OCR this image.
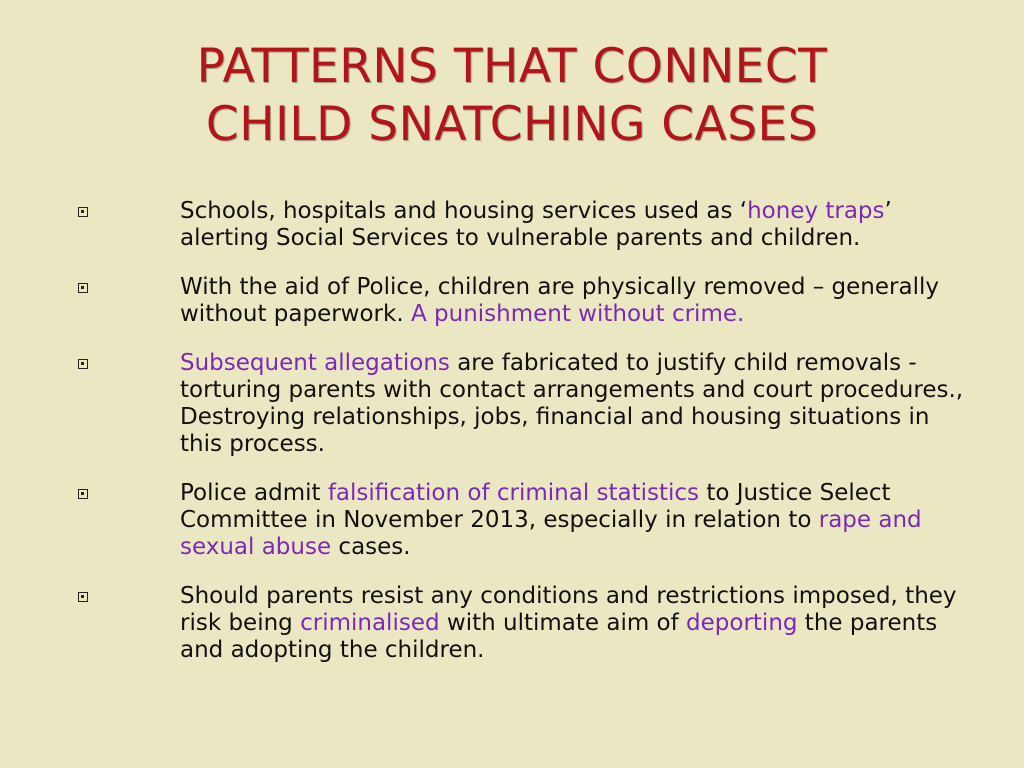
PATTERNS THAT CONNECT
CHILD SNATCHING CASES
Schools, hospitals and housing services used as ‘honey traps’ alerting Social Services to vulnerable parents and children.
With the aid of Police, children are physically removed – generally without paperwork. A punishment without crime.
Subsequent allegations are fabricated to justify child removals - torturing parents with contact arrangements and court procedures., Destroying relationships, jobs, financial and housing situations in this process.
Police admit falsification of criminal statistics to Justice Select Committee in November 2013, especially in relation to rape and sexual abuse cases.
Should parents resist any conditions and restrictions imposed, they risk being criminalised with ultimate aim of deporting the parents and adopting the children.
